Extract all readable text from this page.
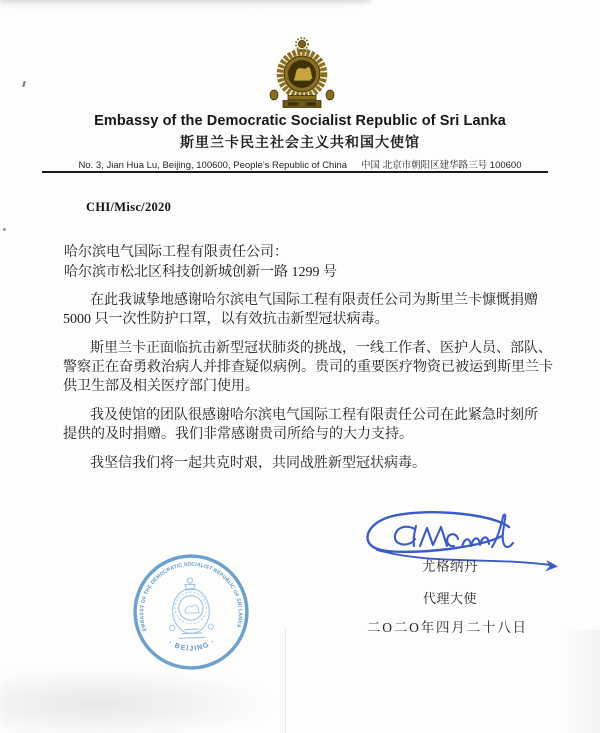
Embassy of the Democratic Socialist Republic of Sri Lanka
斯里兰卡民主社会主义共和国大使馆
No. 3, Jian Hua Lu, Beijing, 100600, People's Republic of China 中国 北京市朝阳区建华路三号 100600
CHI/Misc/2020
哈尔滨电气国际工程有限责任公司：
哈尔滨市松北区科技创新城创新一路 1299 号

在此我诚挚地感谢哈尔滨电气国际工程有限责任公司为斯里兰卡慷慨捐赠
5000 只一次性防护口罩，以有效抗击新型冠状病毒。

斯里兰卡正面临抗击新型冠状肺炎的挑战，一线工作者、医护人员、部队、
警察正在奋勇救治病人并排查疑似病例。贵司的重要医疗物资已被运到斯里兰卡
供卫生部及相关医疗部门使用。

我及使馆的团队很感谢哈尔滨电气国际工程有限责任公司在此紧急时刻所
提供的及时捐赠。我们非常感谢贵司所给与的大力支持。

我坚信我们将一起共克时艰，共同战胜新型冠状病毒。

尤格纳丹
代理大使
二O二O年四月二十八日
EMBASSY OF THE DEMOCRATIC SOCIALIST REPUBLIC OF SRI LANKA
· BEIJING ·
